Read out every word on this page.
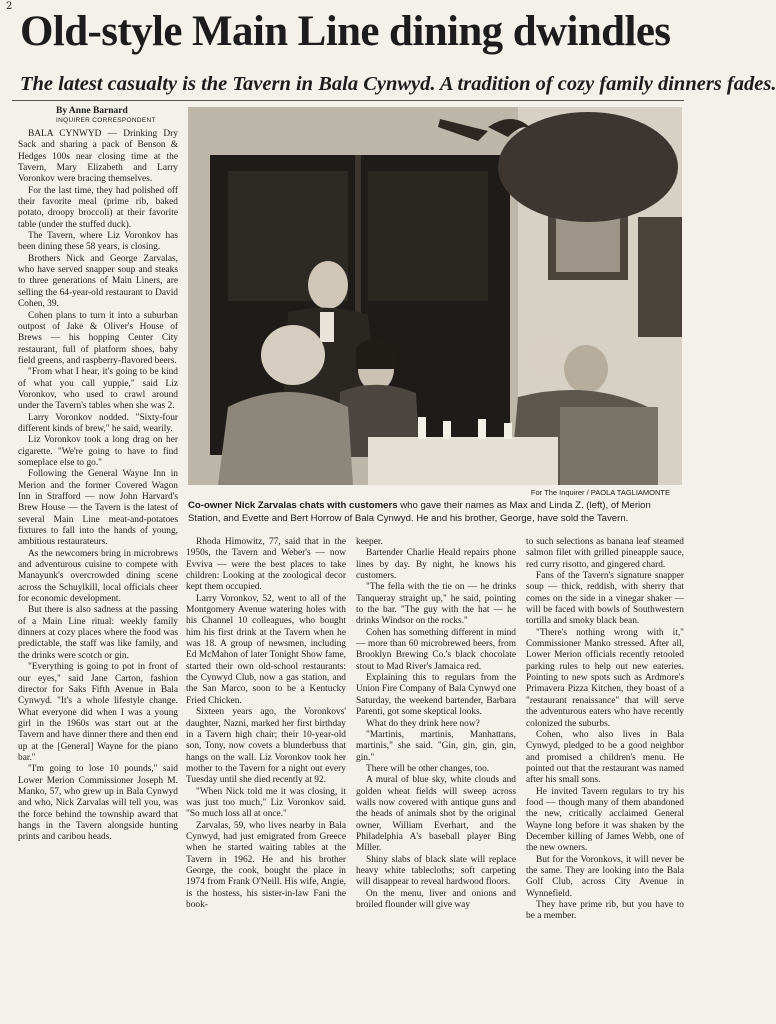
2
Old-style Main Line dining dwindles
The latest casualty is the Tavern in Bala Cynwyd. A tradition of cozy family dinners fades.
By Anne Barnard
INQUIRER CORRESPONDENT
For The Inquirer / PAOLA TAGLIAMONTE

Co-owner Nick Zarvalas chats with customers who gave their names as Max and Linda Z. (left), of Merion Station, and Evette and Bert Horrow of Bala Cynwyd. He and his brother, George, have sold the Tavern.

BALA CYNWYD — Drinking Dry Sack and sharing a pack of Benson & Hedges 100s near closing time at the Tavern, Mary Elizabeth and Larry Voronkov were bracing themselves.

For the last time, they had polished off their favorite meal (prime rib, baked potato, droopy broccoli) at their favorite table (under the stuffed duck).

The Tavern, where Liz Voronkov has been dining these 58 years, is closing.

Brothers Nick and George Zarvalas, who have served snapper soup and steaks to three generations of Main Liners, are selling the 64-year-old restaurant to David Cohen, 39.

Cohen plans to turn it into a suburban outpost of Jake & Oliver's House of Brews — his hopping Center City restaurant, full of platform shoes, baby field greens, and raspberry-flavored beers.

"From what I hear, it's going to be kind of what you call yuppie," said Liz Voronkov, who used to crawl around under the Tavern's tables when she was 2.

Larry Voronkov nodded. "Sixty-four different kinds of brew," he said, wearily.

Liz Voronkov took a long drag on her cigarette. "We're going to have to find someplace else to go."

Following the General Wayne Inn in Merion and the former Covered Wagon Inn in Strafford — now John Harvard's Brew House — the Tavern is the latest of several Main Line meat-and-potatoes fixtures to fall into the hands of young, ambitious restaurateurs.

As the newcomers bring in microbrews and adventurous cuisine to compete with Manayunk's overcrowded dining scene across the Schuylkill, local officials cheer for economic development.

But there is also sadness at the passing of a Main Line ritual: weekly family dinners at cozy places where the food was predictable, the staff was like family, and the drinks were scotch or gin.

"Everything is going to pot in front of our eyes," said Jane Carton, fashion director for Saks Fifth Avenue in Bala Cynwyd. "It's a whole lifestyle change. What everyone did when I was a young girl in the 1960s was start out at the Tavern and have dinner there and then end up at the [General] Wayne for the piano bar."

"I'm going to lose 10 pounds," said Lower Merion Commissioner Joseph M. Manko, 57, who grew up in Bala Cynwyd and who, Nick Zarvalas will tell you, was the force behind the township award that hangs in the Tavern alongside hunting prints and caribou heads.

Rhoda Himowitz, 77, said that in the 1950s, the Tavern and Weber's — now Evviva — were the best places to take children: Looking at the zoological decor kept them occupied.

Larry Voronkov, 52, went to all of the Montgomery Avenue watering holes with his Channel 10 colleagues, who bought him his first drink at the Tavern when he was 18. A group of newsmen, including Ed McMahon of later Tonight Show fame, started their own old-school restaurants: the Cynwyd Club, now a gas station, and the San Marco, soon to be a Kentucky Fried Chicken.

Sixteen years ago, the Voronkovs' daughter, Nazni, marked her first birthday in a Tavern high chair; their 10-year-old son, Tony, now covets a blunderbuss that hangs on the wall. Liz Voronkov took her mother to the Tavern for a night out every Tuesday until she died recently at 92.

"When Nick told me it was closing, it was just too much," Liz Voronkov said. "So much loss all at once."

Zarvalas, 59, who lives nearby in Bala Cynwyd, had just emigrated from Greece when he started waiting tables at the Tavern in 1962. He and his brother George, the cook, bought the place in 1974 from Frank O'Neill. His wife, Angie, is the hostess, his sister-in-law Fani the book-

keeper.

Bartender Charlie Heald repairs phone lines by day. By night, he knows his customers.

"The fella with the tie on — he drinks Tanqueray straight up," he said, pointing to the bar. "The guy with the hat — he drinks Windsor on the rocks."

Cohen has something different in mind — more than 60 microbrewed beers, from Brooklyn Brewing Co.'s black chocolate stout to Mad River's Jamaica red.

Explaining this to regulars from the Union Fire Company of Bala Cynwyd one Saturday, the weekend bartender, Barbara Parenti, got some skeptical looks.

What do they drink here now?

"Martinis, martinis, Manhattans, martinis," she said. "Gin, gin, gin, gin, gin."

There will be other changes, too.

A mural of blue sky, white clouds and golden wheat fields will sweep across walls now covered with antique guns and the heads of animals shot by the original owner, William Everhart, and the Philadelphia A's baseball player Bing Miller.

Shiny slabs of black slate will replace heavy white tablecloths; soft carpeting will disappear to reveal hardwood floors.

On the menu, liver and onions and broiled flounder will give way

to such selections as banana leaf steamed salmon filet with grilled pineapple sauce, red curry risotto, and gingered chard.

Fans of the Tavern's signature snapper soup — thick, reddish, with sherry that comes on the side in a vinegar shaker — will be faced with bowls of Southwestern tortilla and smoky black bean.

"There's nothing wrong with it," Commissioner Manko stressed. After all, Lower Merion officials recently retooled parking rules to help out new eateries. Pointing to new spots such as Ardmore's Primavera Pizza Kitchen, they boast of a "restaurant renaissance" that will serve the adventurous eaters who have recently colonized the suburbs.

Cohen, who also lives in Bala Cynwyd, pledged to be a good neighbor and promised a children's menu. He pointed out that the restaurant was named after his small sons.

He invited Tavern regulars to try his food — though many of them abandoned the new, critically acclaimed General Wayne long before it was shaken by the December killing of James Webb, one of the new owners.

But for the Voronkovs, it will never be the same. They are looking into the Bala Golf Club, across City Avenue in Wynnefield.

They have prime rib, but you have to be a member.
